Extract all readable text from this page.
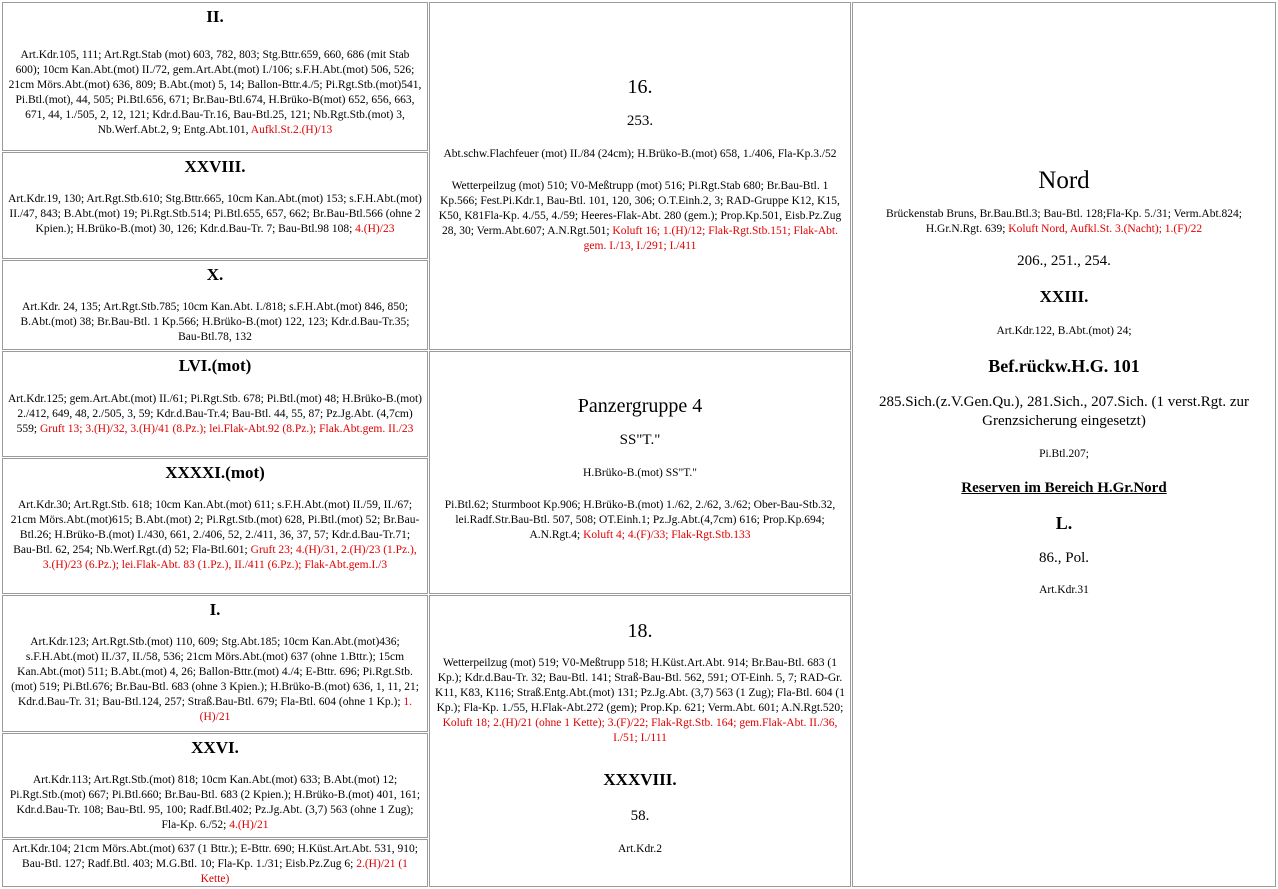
II.
Art.Kdr.105, 111; Art.Rgt.Stab (mot) 603, 782, 803; Stg.Bttr.659, 660, 686 (mit Stab 600); 10cm Kan.Abt.(mot) II./72, gem.Art.Abt.(mot) I./106; s.F.H.Abt.(mot) 506, 526; 21cm Mörs.Abt.(mot) 636, 809; B.Abt.(mot) 5, 14; Ballon-Bttr.4./5; Pi.Rgt.Stb.(mot)541, Pi.Btl.(mot), 44, 505; Pi.Btl.656, 671; Br.Bau-Btl.674, H.Brüko-B(mot) 652, 656, 663, 671, 44, 1./505, 2, 12, 121; Kdr.d.Bau-Tr.16, Bau-Btl.25, 121; Nb.Rgt.Stb.(mot) 3, Nb.Werf.Abt.2, 9; Entg.Abt.101, Aufkl.St.2.(H)/13
XXVIII.
Art.Kdr.19, 130; Art.Rgt.Stb.610; Stg.Bttr.665, 10cm Kan.Abt.(mot) 153; s.F.H.Abt.(mot) II./47, 843; B.Abt.(mot) 19; Pi.Rgt.Stb.514; Pi.Btl.655, 657, 662; Br.Bau-Btl.566 (ohne 2 Kpien.); H.Brüko-B.(mot) 30, 126; Kdr.d.Bau-Tr. 7; Bau-Btl.98 108; 4.(H)/23
X.
Art.Kdr. 24, 135; Art.Rgt.Stb.785; 10cm Kan.Abt. I./818; s.F.H.Abt.(mot) 846, 850; B.Abt.(mot) 38; Br.Bau-Btl. 1 Kp.566; H.Brüko-B.(mot) 122, 123; Kdr.d.Bau-Tr.35; Bau-Btl.78, 132
LVI.(mot)
Art.Kdr.125; gem.Art.Abt.(mot) II./61; Pi.Rgt.Stb. 678; Pi.Btl.(mot) 48; H.Brüko-B.(mot) 2./412, 649, 48, 2./505, 3, 59; Kdr.d.Bau-Tr.4; Bau-Btl. 44, 55, 87; Pz.Jg.Abt. (4,7cm) 559; Gruft 13; 3.(H)/32, 3.(H)/41 (8.Pz.); lei.Flak-Abt.92 (8.Pz.); Flak.Abt.gem. II./23
XXXXI.(mot)
Art.Kdr.30; Art.Rgt.Stb. 618; 10cm Kan.Abt.(mot) 611; s.F.H.Abt.(mot) II./59, II./67; 21cm Mörs.Abt.(mot)615; B.Abt.(mot) 2; Pi.Rgt.Stb.(mot) 628, Pi.Btl.(mot) 52; Br.Bau-Btl.26; H.Brüko-B.(mot) I./430, 661, 2./406, 52, 2./411, 36, 37, 57; Kdr.d.Bau-Tr.71; Bau-Btl. 62, 254; Nb.Werf.Rgt.(d) 52; Fla-Btl.601; Gruft 23; 4.(H)/31, 2.(H)/23 (1.Pz.), 3.(H)/23 (6.Pz.); lei.Flak-Abt. 83 (1.Pz.), II./411 (6.Pz.); Flak-Abt.gem.I./3
I.
Art.Kdr.123; Art.Rgt.Stb.(mot) 110, 609; Stg.Abt.185; 10cm Kan.Abt.(mot)436; s.F.H.Abt.(mot) II./37, II./58, 536; 21cm Mörs.Abt.(mot) 637 (ohne 1.Bttr.); 15cm Kan.Abt.(mot) 511; B.Abt.(mot) 4, 26; Ballon-Bttr.(mot) 4./4; E-Bttr. 696; Pi.Rgt.Stb.(mot) 519; Pi.Btl.676; Br.Bau-Btl. 683 (ohne 3 Kpien.); H.Brüko-B.(mot) 636, 1, 11, 21; Kdr.d.Bau-Tr. 31; Bau-Btl.124, 257; Straß.Bau-Btl. 679; Fla-Btl. 604 (ohne 1 Kp.); 1.(H)/21
XXVI.
Art.Kdr.113; Art.Rgt.Stb.(mot) 818; 10cm Kan.Abt.(mot) 633; B.Abt.(mot) 12; Pi.Rgt.Stb.(mot) 667; Pi.Btl.660; Br.Bau-Btl. 683 (2 Kpien.); H.Brüko-B.(mot) 401, 161; Kdr.d.Bau-Tr. 108; Bau-Btl. 95, 100; Radf.Btl.402; Pz.Jg.Abt. (3,7) 563 (ohne 1 Zug); Fla-Kp. 6./52; 4.(H)/21
Art.Kdr.104; 21cm Mörs.Abt.(mot) 637 (1 Bttr.); E-Bttr. 690; H.Küst.Art.Abt. 531, 910; Bau-Btl. 127; Radf.Btl. 403; M.G.Btl. 10; Fla-Kp. 1./31; Eisb.Pz.Zug 6; 2.(H)/21 (1 Kette)
16.
253.
Abt.schw.Flachfeuer (mot) II./84 (24cm); H.Brüko-B.(mot) 658, 1./406, Fla-Kp.3./52
Wetterpeilzug (mot) 510; V0-Meßtrupp (mot) 516; Pi.Rgt.Stab 680; Br.Bau-Btl. 1 Kp.566; Fest.Pi.Kdr.1, Bau-Btl. 101, 120, 306; O.T.Einh.2, 3; RAD-Gruppe K12, K15, K50, K81Fla-Kp. 4./55, 4./59; Heeres-Flak-Abt. 280 (gem.); Prop.Kp.501, Eisb.Pz.Zug 28, 30; Verm.Abt.607; A.N.Rgt.501; Koluft 16; 1.(H)/12; Flak-Rgt.Stb.151; Flak-Abt. gem. I./13, I./291; I./411
Panzergruppe 4
SS"T."
H.Brüko-B.(mot) SS"T."
Pi.Btl.62; Sturmboot Kp.906; H.Brüko-B.(mot) 1./62, 2./62, 3./62; Ober-Bau-Stb.32, lei.Radf.Str.Bau-Btl. 507, 508; OT.Einh.1; Pz.Jg.Abt.(4,7cm) 616; Prop.Kp.694; A.N.Rgt.4; Koluft 4; 4.(F)/33; Flak-Rgt.Stb.133
18.
Wetterpeilzug (mot) 519; V0-Meßtrupp 518; H.Küst.Art.Abt. 914; Br.Bau-Btl. 683 (1 Kp.); Kdr.d.Bau-Tr. 32; Bau-Btl. 141; Straß-Bau-Btl. 562, 591; OT-Einh. 5, 7; RAD-Gr. K11, K83, K116; Straß.Entg.Abt.(mot) 131; Pz.Jg.Abt. (3,7) 563 (1 Zug); Fla-Btl. 604 (1 Kp.); Fla-Kp. 1./55, H.Flak-Abt.272 (gem); Prop.Kp. 621; Verm.Abt. 601; A.N.Rgt.520; Koluft 18; 2.(H)/21 (ohne 1 Kette); 3.(F)/22; Flak-Rgt.Stb. 164; gem.Flak-Abt. II./36, I./51; I./111
XXXVIII.
58.
Art.Kdr.2
Nord
Brückenstab Bruns, Br.Bau.Btl.3; Bau-Btl. 128;Fla-Kp. 5./31; Verm.Abt.824; H.Gr.N.Rgt. 639; Koluft Nord, Aufkl.St. 3.(Nacht); 1.(F)/22
206., 251., 254.
XXIII.
Art.Kdr.122, B.Abt.(mot) 24;
Bef.rückw.H.G. 101
285.Sich.(z.V.Gen.Qu.), 281.Sich., 207.Sich. (1 verst.Rgt. zur Grenzsicherung eingesetzt)
Pi.Btl.207;
Reserven im Bereich H.Gr.Nord
L.
86., Pol.
Art.Kdr.31
